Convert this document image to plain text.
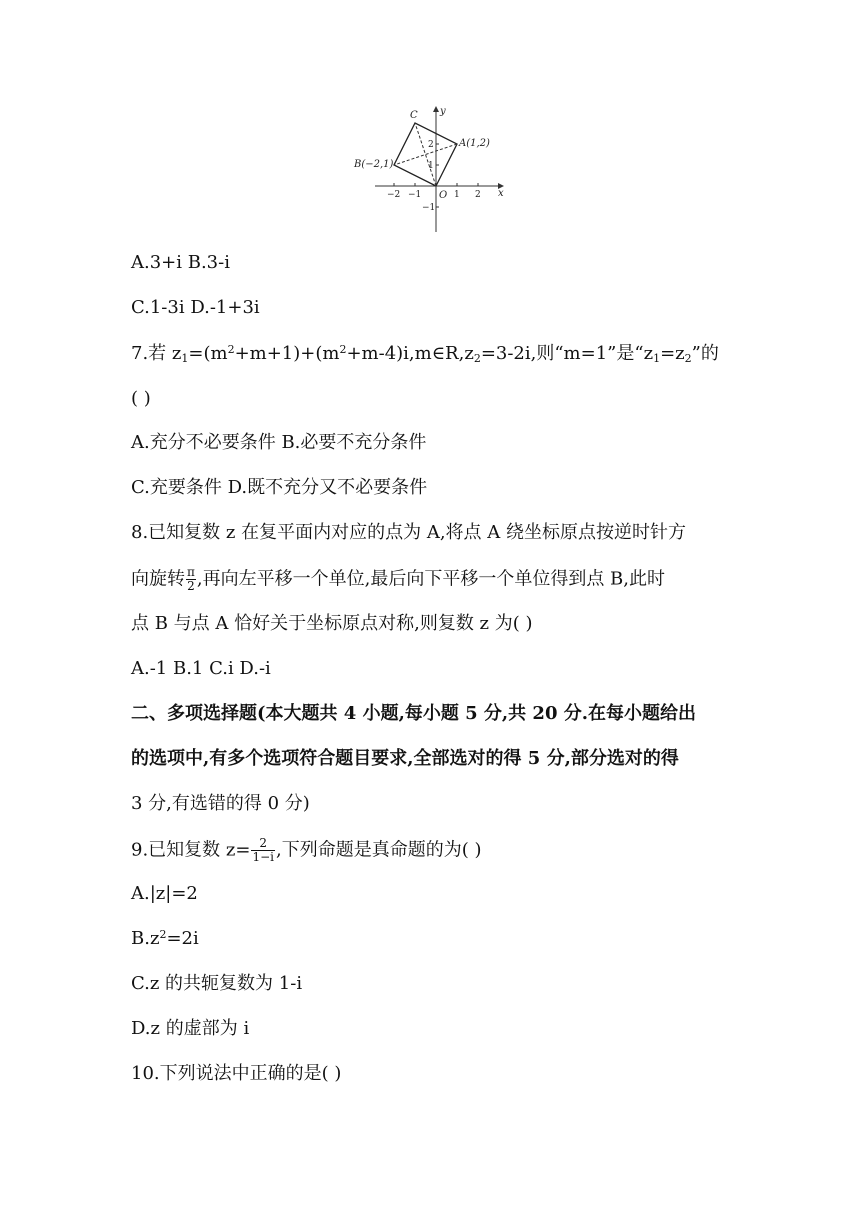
C y
x
A(1,2)
B(−2,1)
O
2
1
−1
−2 −1	1 2
A.3+i B.3-i
C.1-3i D.-1+3i
7.若 $z_1=(m^2+m+1)+(m^2+m-4)i,m\in R,z_2=3-2i$,则“m=1”是“$z_1=z_2$”的
( )
A.充分不必要条件 B.必要不充分条件
C.充要条件 D.既不充分又不必要条件
8.已知复数 z 在复平面内对应的点为 A,将点 A 绕坐标原点按逆时针方
向旋转 $\frac{\pi}{2}$ ,再向左平移一个单位,最后向下平移一个单位得到点 B,此时
点 B 与点 A 恰好关于坐标原点对称,则复数 z 为( )
A.-1 B.1 C.i D.-i
二、多项选择题(本大题共 4 小题,每小题 5 分,共 20 分.在每小题给出
的选项中,有多个选项符合题目要求,全部选对的得 5 分,部分选对的得
3 分,有选错的得 0 分)
9.已知复数 $z= \frac{2}{1-i}$ ,下列命题是真命题的为( )
A.|z|=2
$B.z^2=2i$
C.z 的共轭复数为 1-i
D.z 的虚部为 i
10.下列说法中正确的是( )
